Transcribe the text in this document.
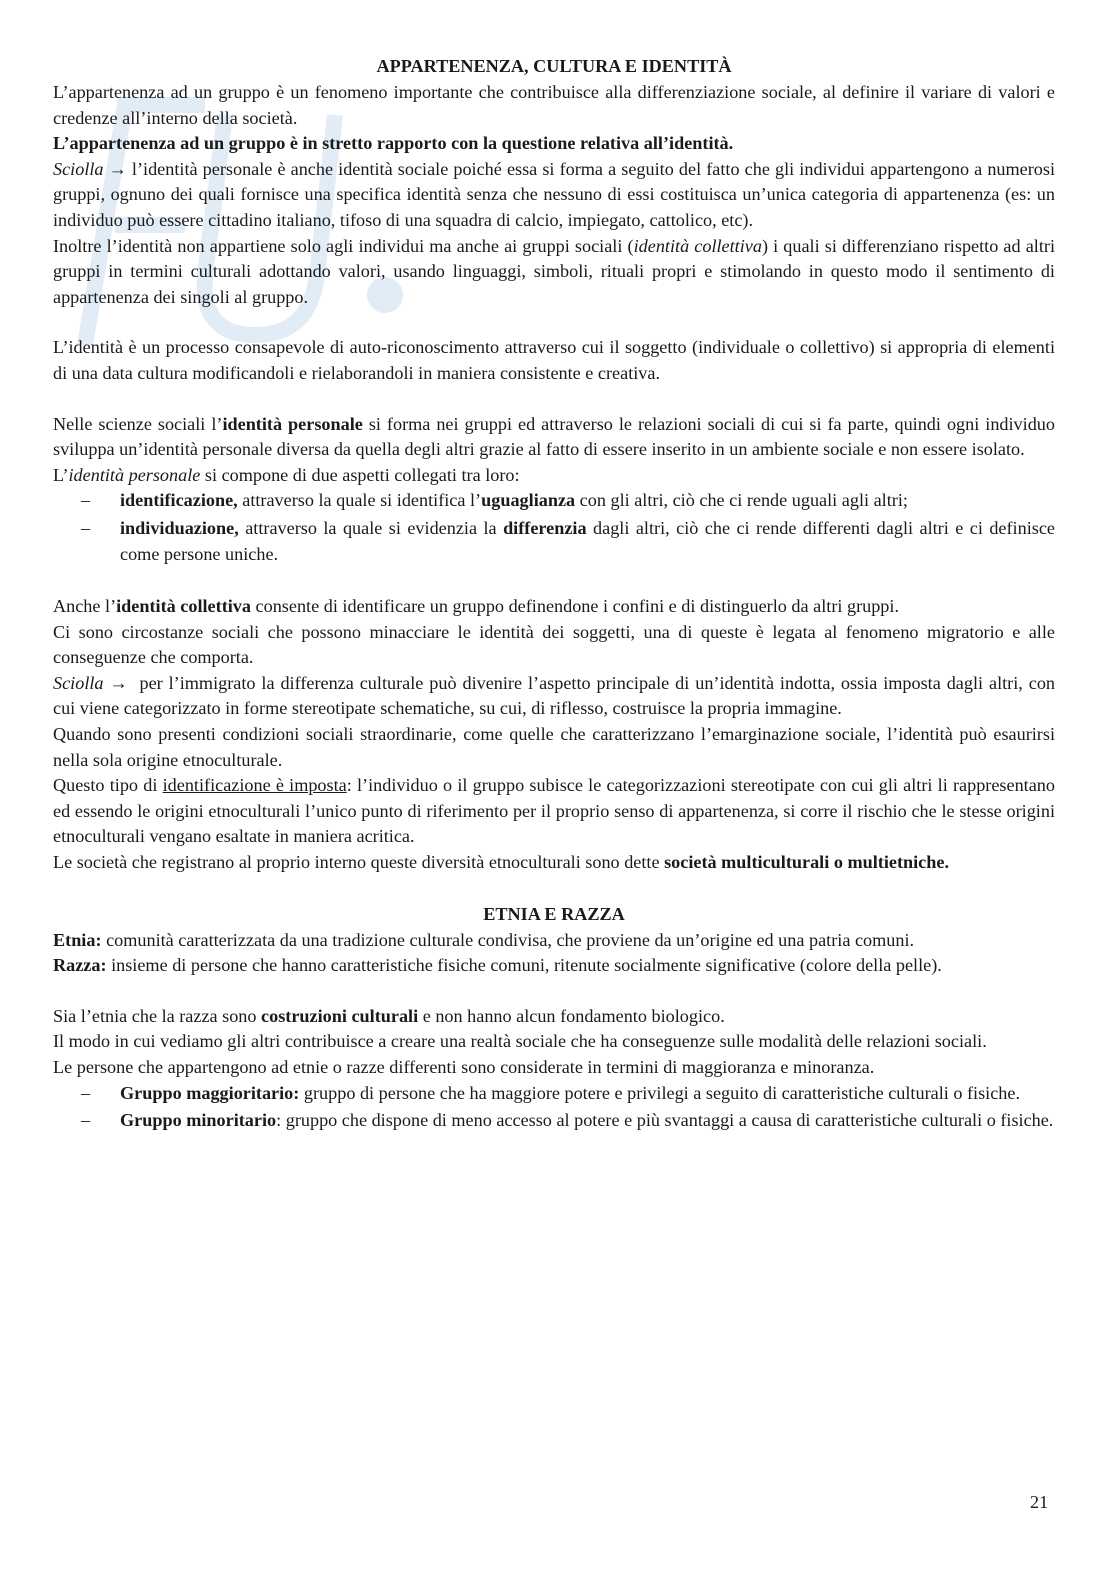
APPARTENENZA, CULTURA E IDENTITÀ

L’appartenenza ad un gruppo è un fenomeno importante che contribuisce alla differenziazione sociale, al definire il variare di valori e credenze all’interno della società.

L’appartenenza ad un gruppo è in stretto rapporto con la questione relativa all’identità.

Sciolla → l’identità personale è anche identità sociale poiché essa si forma a seguito del fatto che gli individui appartengono a numerosi gruppi, ognuno dei quali fornisce una specifica identità senza che nessuno di essi costituisca un’unica categoria di appartenenza (es: un individuo può essere cittadino italiano, tifoso di una squadra di calcio, impiegato, cattolico, etc).

Inoltre l’identità non appartiene solo agli individui ma anche ai gruppi sociali (identità collettiva) i quali si differenziano rispetto ad altri gruppi in termini culturali adottando valori, usando linguaggi, simboli, rituali propri e stimolando in questo modo il sentimento di appartenenza dei singoli al gruppo.

L’identità è un processo consapevole di auto-riconoscimento attraverso cui il soggetto (individuale o collettivo) si appropria di elementi di una data cultura modificandoli e rielaborandoli in maniera consistente e creativa.

Nelle scienze sociali l’identità personale si forma nei gruppi ed attraverso le relazioni sociali di cui si fa parte, quindi ogni individuo sviluppa un’identità personale diversa da quella degli altri grazie al fatto di essere inserito in un ambiente sociale e non essere isolato.

L’identità personale si compone di due aspetti collegati tra loro:

– identificazione, attraverso la quale si identifica l’uguaglianza con gli altri, ciò che ci rende uguali agli altri;
– individuazione, attraverso la quale si evidenzia la differenzia dagli altri, ciò che ci rende differenti dagli altri e ci definisce come persone uniche.

Anche l’identità collettiva consente di identificare un gruppo definendone i confini e di distinguerlo da altri gruppi.

Ci sono circostanze sociali che possono minacciare le identità dei soggetti, una di queste è legata al fenomeno migratorio e alle conseguenze che comporta.

Sciolla → per l’immigrato la differenza culturale può divenire l’aspetto principale di un’identità indotta, ossia imposta dagli altri, con cui viene categorizzato in forme stereotipate schematiche, su cui, di riflesso, costruisce la propria immagine.

Quando sono presenti condizioni sociali straordinarie, come quelle che caratterizzano l’emarginazione sociale, l’identità può esaurirsi nella sola origine etnoculturale.

Questo tipo di identificazione è imposta: l’individuo o il gruppo subisce le categorizzazioni stereotipate con cui gli altri li rappresentano ed essendo le origini etnoculturali l’unico punto di riferimento per il proprio senso di appartenenza, si corre il rischio che le stesse origini etnoculturali vengano esaltate in maniera acritica.

Le società che registrano al proprio interno queste diversità etnoculturali sono dette società multiculturali o multietniche.

ETNIA E RAZZA

Etnia: comunità caratterizzata da una tradizione culturale condivisa, che proviene da un’origine ed una patria comuni.

Razza: insieme di persone che hanno caratteristiche fisiche comuni, ritenute socialmente significative (colore della pelle).

Sia l’etnia che la razza sono costruzioni culturali e non hanno alcun fondamento biologico.

Il modo in cui vediamo gli altri contribuisce a creare una realtà sociale che ha conseguenze sulle modalità delle relazioni sociali.

Le persone che appartengono ad etnie o razze differenti sono considerate in termini di maggioranza e minoranza.

– Gruppo maggioritario: gruppo di persone che ha maggiore potere e privilegi a seguito di caratteristiche culturali o fisiche.
– Gruppo minoritario: gruppo che dispone di meno accesso al potere e più svantaggi a causa di caratteristiche culturali o fisiche.
21
